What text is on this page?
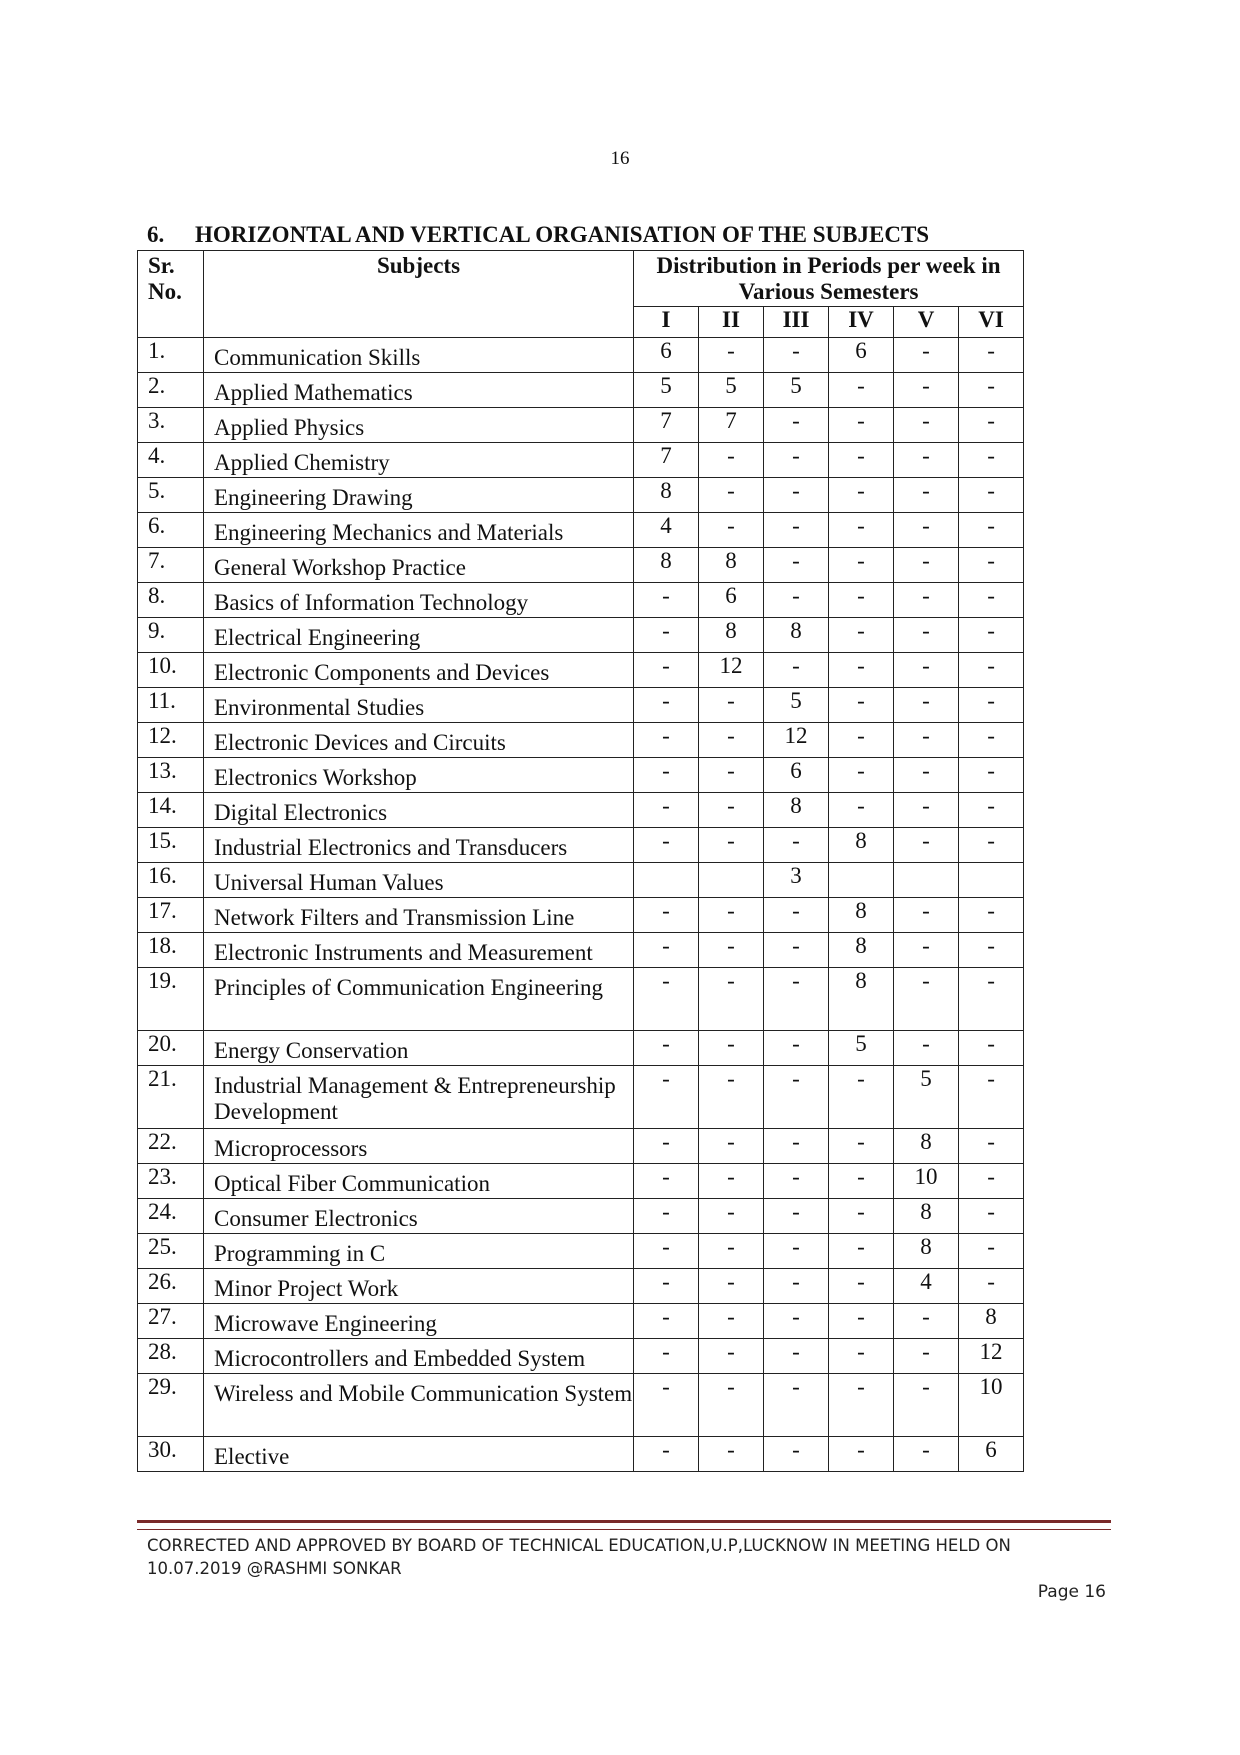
16
6. HORIZONTAL AND VERTICAL ORGANISATION OF THE SUBJECTS
Sr. No.	Subjects	Distribution in Periods per week in Various Semesters					
		I	II	III	IV	V	VI
1.	Communication Skills	6	-	-	6	-	-
2.	Applied Mathematics	5	5	5	-	-	-
3.	Applied Physics	7	7	-	-	-	-
4.	Applied Chemistry	7	-	-	-	-	-
5.	Engineering Drawing	8	-	-	-	-	-
6.	Engineering Mechanics and Materials	4	-	-	-	-	-
7.	General Workshop Practice	8	8	-	-	-	-
8.	Basics of Information Technology	-	6	-	-	-	-
9.	Electrical Engineering	-	8	8	-	-	-
10.	Electronic Components and Devices	-	12	-	-	-	-
11.	Environmental Studies	-	-	5	-	-	-
12.	Electronic Devices and Circuits	-	-	12	-	-	-
13.	Electronics Workshop	-	-	6	-	-	-
14.	Digital Electronics	-	-	8	-	-	-
15.	Industrial Electronics and Transducers	-	-	-	8	-	-
16.	Universal Human Values			3			
17.	Network Filters and Transmission Line	-	-	-	8	-	-
18.	Electronic Instruments and Measurement	-	-	-	8	-	-
19.	Principles of Communication Engineering	-	-	-	8	-	-
20.	Energy Conservation	-	-	-	5	-	-
21.	Industrial Management & Entrepreneurship Development	-	-	-	-	5	-
22.	Microprocessors	-	-	-	-	8	-
23.	Optical Fiber Communication	-	-	-	-	10	-
24.	Consumer Electronics	-	-	-	-	8	-
25.	Programming in C	-	-	-	-	8	-
26.	Minor Project Work	-	-	-	-	4	-
27.	Microwave Engineering	-	-	-	-	-	8
28.	Microcontrollers and Embedded System	-	-	-	-	-	12
29.	Wireless and Mobile Communication System	-	-	-	-	-	10
30.	Elective	-	-	-	-	-	6
CORRECTED AND APPROVED BY BOARD OF TECHNICAL EDUCATION,U.P,LUCKNOW IN MEETING HELD ON 10.07.2019 @RASHMI SONKAR
Page 16
